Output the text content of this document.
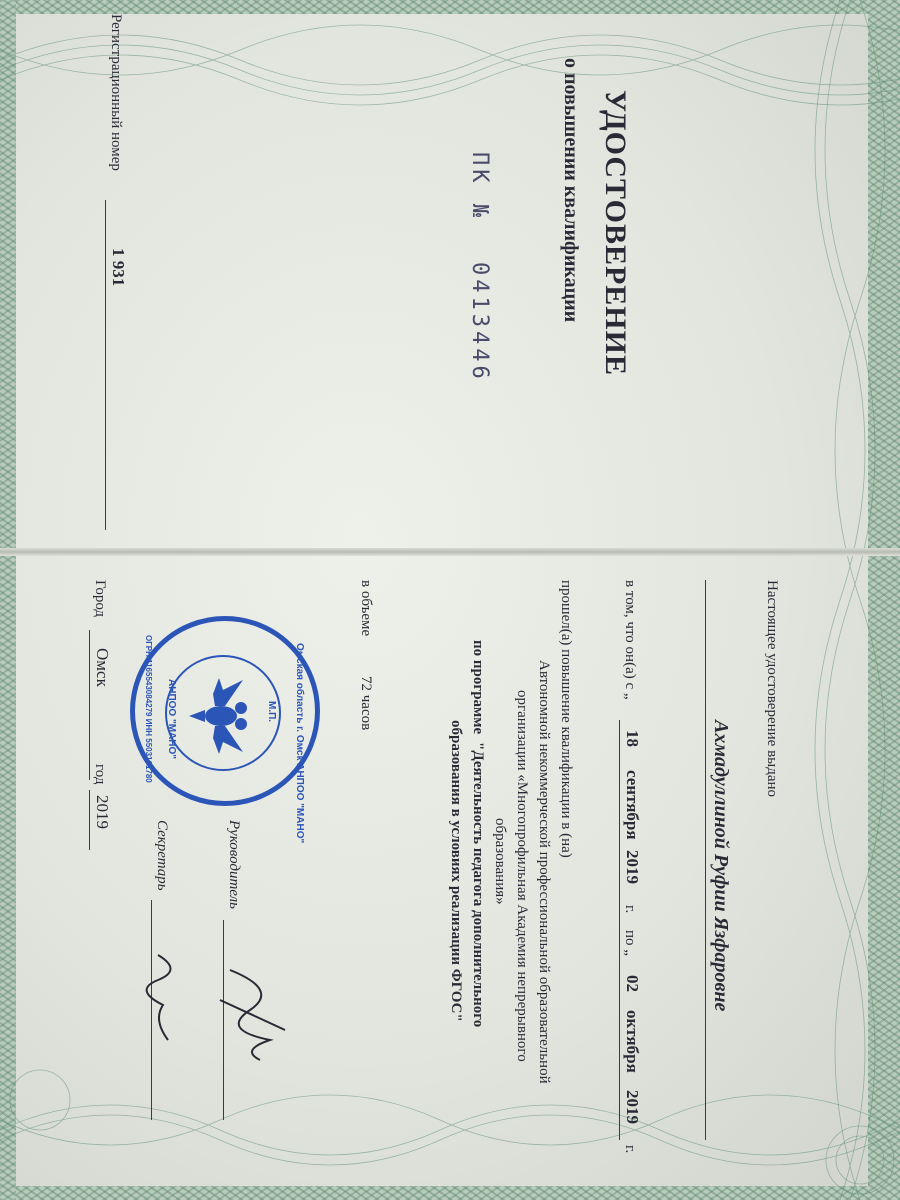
УДОСТОВЕРЕНИЕ
о повышении квалификации
ПК №
0413446
Регистрационный номер
1 931
Настоящее удостоверение выдано
Ахмадуллиной Руфии Язфаровне
в том, что он(а) с „
18
сентября
2019
г.
по „
02
октября
2019
г.
прошел(а) повышение квалификации в (на)
Автономной некоммерческой профессиональной образовательной
организации «Многопрофильная Академия непрерывного
образования»
по программе
"Деятельность педагога дополнительного
образования в условиях реализации ФГОС"
в объеме
72 часов
Руководитель
Секретарь
Омская область г. Омск АНПОО "МАНО"
ОГРН 1165543084279 ИНН 5503161780 АНПОО "МАНО"	М.П.
Город
Омск
год
2019
